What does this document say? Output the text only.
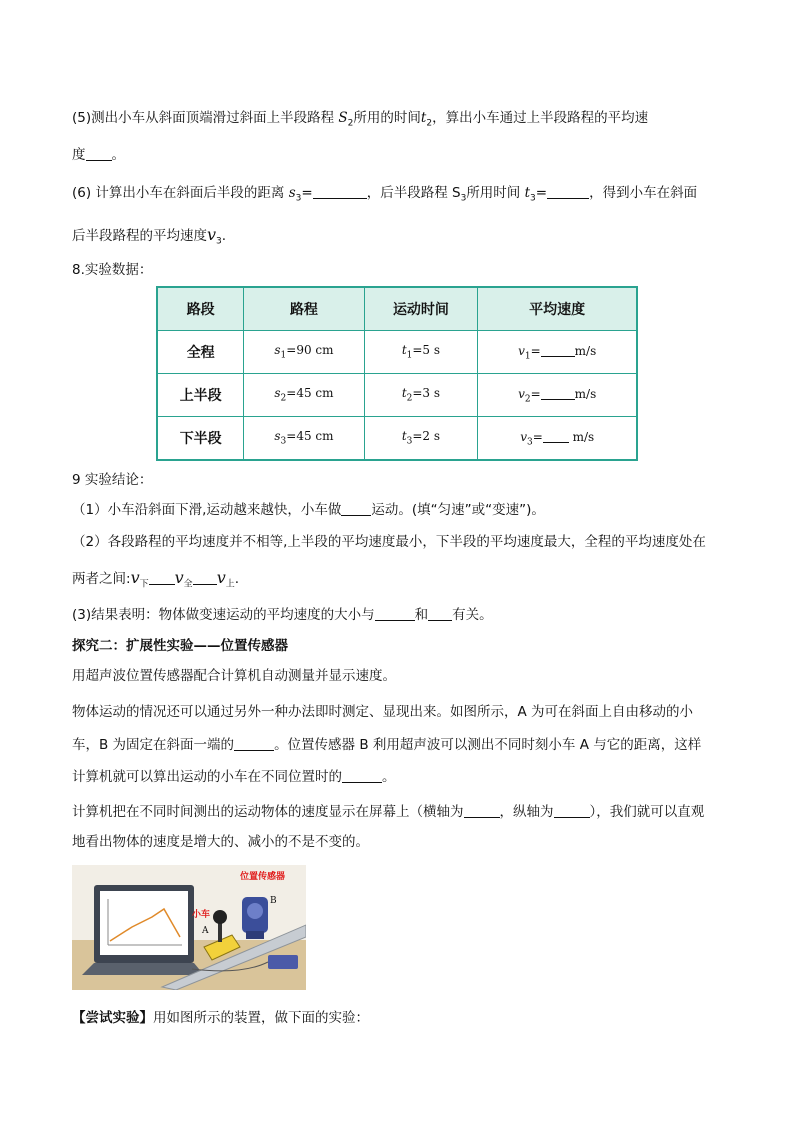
(5)测出小车从斜面顶端滑过斜面上半段路程 $S_2$所用的时间$t_2$，算出小车通过上半段路程的平均速
度 。
(6) 计算出小车在斜面后半段的距离 $s_3=$	，后半段路程 $S_3$所用时间 $t_3=$	，得到小车在斜面
后半段路程的平均速度$v_3$.
8.实验数据：
路段	路程	运动时间	平均速度
全程	$s_1=90$ cm	$t_1=5$ s	$v_1= m/s$
上半段	$s_2=45$ cm	$t_2=3$ s	$v_2= m/s$
下半段	$s_3=45$ cm	$t_3=2$ s	$v_3= m/s$
9 实验结论：
（1）小车沿斜面下滑,运动越来越快，小车做 运动。(填“匀速”或“变速”)。
（2）各段路程的平均速度并不相等,上半段的平均速度最小，下半段的平均速度最大，全程的平均速度处在
两者之间$:v_下$ $v_全$ $v_上$.
(3)结果表明：物体做变速运动的平均速度的大小与	和 有关。
探究二：扩展性实验——位置传感器
用超声波位置传感器配合计算机自动测量并显示速度。
物体运动的情况还可以通过另外一种办法即时测定、显现出来。如图所示，A 为可在斜面上自由移动的小
车，B 为固定在斜面一端的	。位置传感器 B 利用超声波可以测出不同时刻小车 A 与它的距离，这样
计算机就可以算出运动的小车在不同位置时的	。
计算机把在不同时间测出的运动物体的速度显示在屏幕上（横轴为	，纵轴为	），我们就可以直观
地看出物体的速度是增大的、减小的不是不变的。
位置传感器
小车
A
B
【尝试实验】用如图所示的装置，做下面的实验：
